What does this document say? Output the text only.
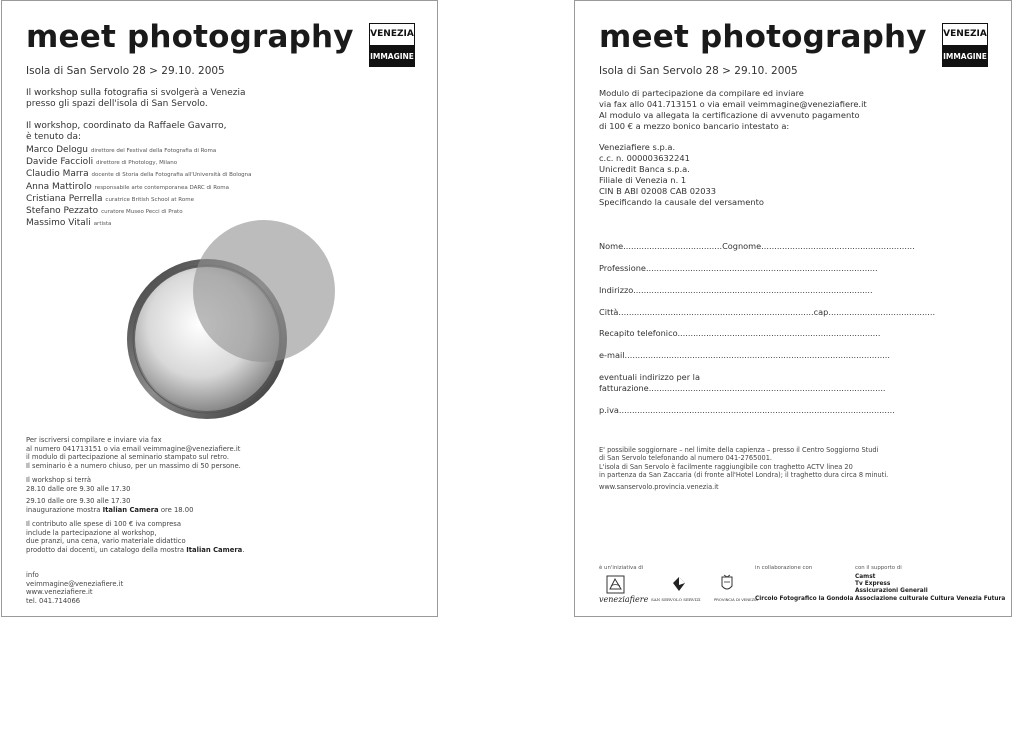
meet photography VENEZIA
IMMAGINE
Isola di San Servolo 28 > 29.10. 2005
Il workshop sulla fotografia si svolgerà a Venezia
presso gli spazi dell'isola di San Servolo.
Il workshop, coordinato da Raffaele Gavarro,
è tenuto da:
Marco Delogu direttore del Festival della Fotografia di Roma
Davide Faccioli direttore di Photology, Milano
Claudio Marra docente di Storia della Fotografia all'Università di Bologna
Anna Mattirolo responsabile arte contemporanea DARC di Roma
Cristiana Perrella curatrice British School at Rome
Stefano Pezzato curatore Museo Pecci di Prato
Massimo Vitali artista
Per iscriversi compilare e inviare via fax
al numero 041713151 o via email veimmagine@veneziafiere.it
il modulo di partecipazione al seminario stampato sul retro.
Il seminario è a numero chiuso, per un massimo di 50 persone.
Il workshop si terrà
28.10 dalle ore 9.30 alle 17.30
29.10 dalle ore 9.30 alle 17.30
inaugurazione mostra Italian Camera ore 18.00
Il contributo alle spese di 100 € iva compresa
include la partecipazione al workshop,
due pranzi, una cena, vario materiale didattico
prodotto dai docenti, un catalogo della mostra Italian Camera.
info
veimmagine@veneziafiere.it
www.veneziafiere.it
tel. 041.714066
meet photography VENEZIA
IMMAGINE
Isola di San Servolo 28 > 29.10. 2005
Modulo di partecipazione da compilare ed inviare
via fax allo 041.713151 o via email veimmagine@veneziafiere.it
Al modulo va allegata la certificazione di avvenuto pagamento
di 100 € a mezzo bonico bancario intestato a:
Veneziafiere s.p.a.
c.c. n. 000003632241
Unicredit Banca s.p.a.
Filiale di Venezia n. 1
CIN B ABI 02008 CAB 02033
Specificando la causale del versamento
Nome......................................Cognome...........................................................
Professione.........................................................................................
Indirizzo............................................................................................
Città...........................................................................cap.........................................
Recapito telefonico..............................................................................
e-mail......................................................................................................
eventuali indirizzo per la
fatturazione...........................................................................................
p.iva..........................................................................................................
E' possibile soggiornare – nel limite della capienza – presso il Centro Soggiorno Studi
di San Servolo telefonando al numero 041-2765001.
L'isola di San Servolo è facilmente raggiungibile con traghetto ACTV linea 20
in partenza da San Zaccaria (di fronte all'Hotel Londra); il traghetto dura circa 8 minuti.
www.sanservolo.provincia.venezia.it
è un'iniziativa di	in collaborazione con	con il supporto di
veneziafiere SAN SERVOLO SERVIZI	PROVINCIA DI VENEZIA
Circolo Fotografico la Gondola
Camst
Tv Express
Assicurazioni Generali
Associazione culturale Cultura Venezia Futura
